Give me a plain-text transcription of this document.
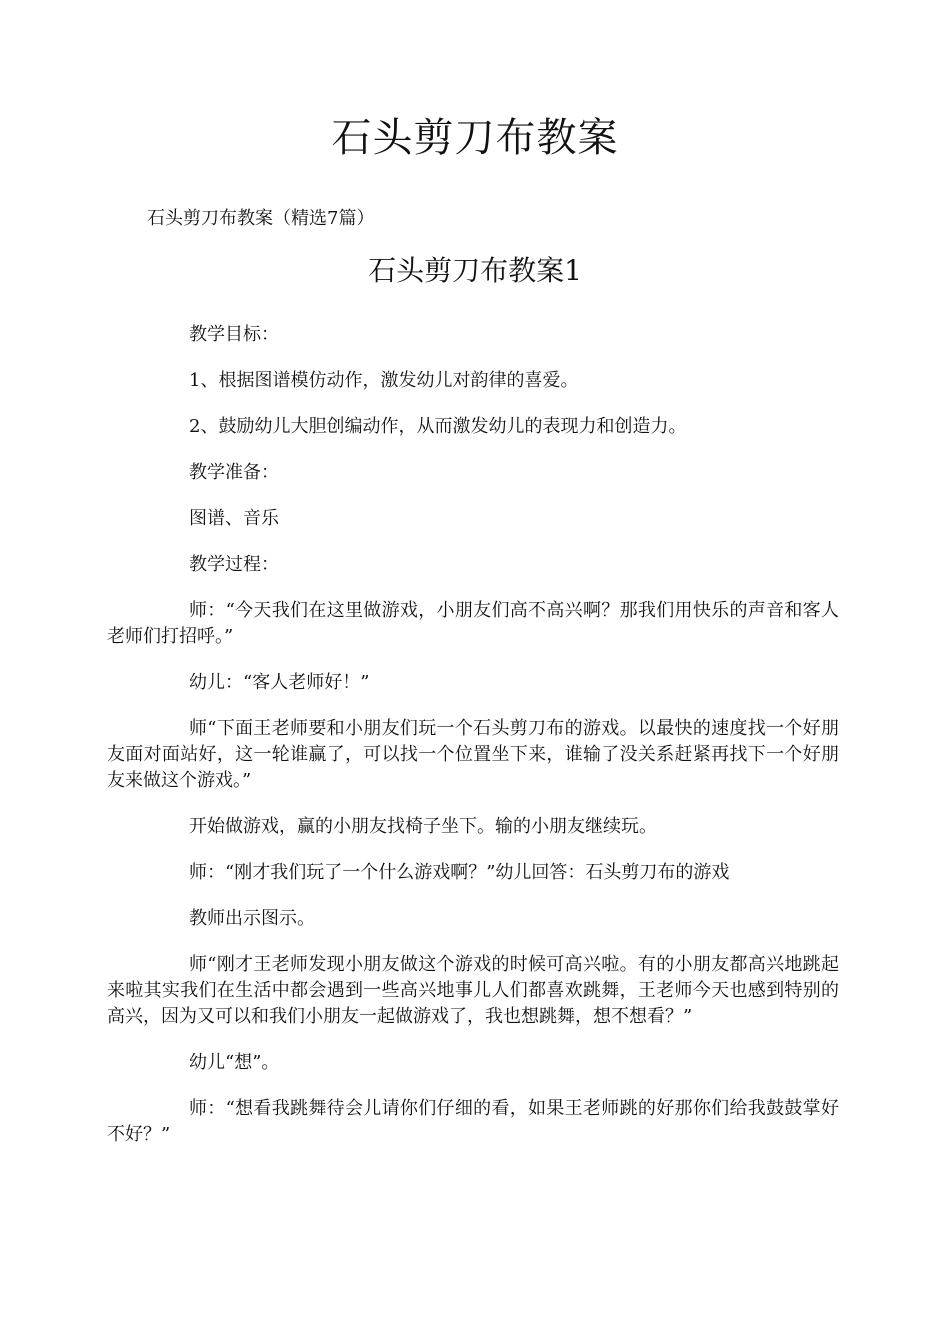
石头剪刀布教案
石头剪刀布教案（精选7篇）
石头剪刀布教案1

教学目标：

1、根据图谱模仿动作，激发幼儿对韵律的喜爱。

2、鼓励幼儿大胆创编动作，从而激发幼儿的表现力和创造力。

教学准备：

图谱、音乐

教学过程：

师：“今天我们在这里做游戏，小朋友们高不高兴啊？那我们用快乐的声音和客人老师们打招呼。”

幼儿：“客人老师好！”

师“下面王老师要和小朋友们玩一个石头剪刀布的游戏。以最快的速度找一个好朋友面对面站好，这一轮谁赢了，可以找一个位置坐下来，谁输了没关系赶紧再找下一个好朋友来做这个游戏。”

开始做游戏，赢的小朋友找椅子坐下。输的小朋友继续玩。

师：“刚才我们玩了一个什么游戏啊？”幼儿回答：石头剪刀布的游戏

教师出示图示。

师“刚才王老师发现小朋友做这个游戏的时候可高兴啦。有的小朋友都高兴地跳起来啦其实我们在生活中都会遇到一些高兴地事儿人们都喜欢跳舞，王老师今天也感到特别的高兴，因为又可以和我们小朋友一起做游戏了，我也想跳舞，想不想看？”

幼儿“想”。

师：“想看我跳舞待会儿请你们仔细的看，如果王老师跳的好那你们给我鼓鼓掌好不好？”
